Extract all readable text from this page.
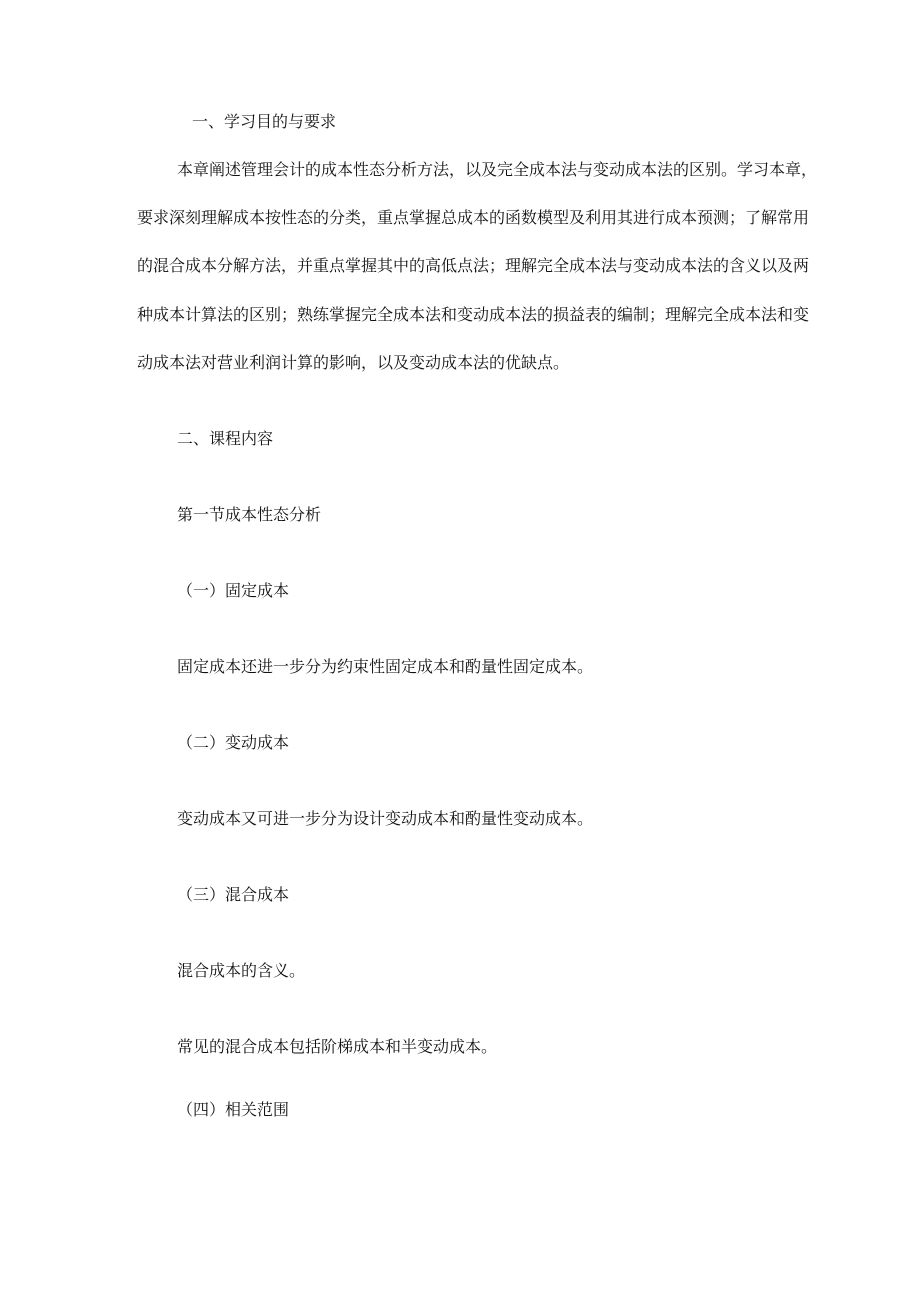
一、学习目的与要求
本章阐述管理会计的成本性态分析方法，以及完全成本法与变动成本法的区别。学习本章，
要求深刻理解成本按性态的分类，重点掌握总成本的函数模型及利用其进行成本预测；了解常用
的混合成本分解方法，并重点掌握其中的高低点法；理解完全成本法与变动成本法的含义以及两
种成本计算法的区别；熟练掌握完全成本法和变动成本法的损益表的编制；理解完全成本法和变
动成本法对营业利润计算的影响，以及变动成本法的优缺点。
二、课程内容
第一节成本性态分析
（一）固定成本
固定成本还进一步分为约束性固定成本和酌量性固定成本。
（二）变动成本
变动成本又可进一步分为设计变动成本和酌量性变动成本。
（三）混合成本
混合成本的含义。
常见的混合成本包括阶梯成本和半变动成本。
（四）相关范围
